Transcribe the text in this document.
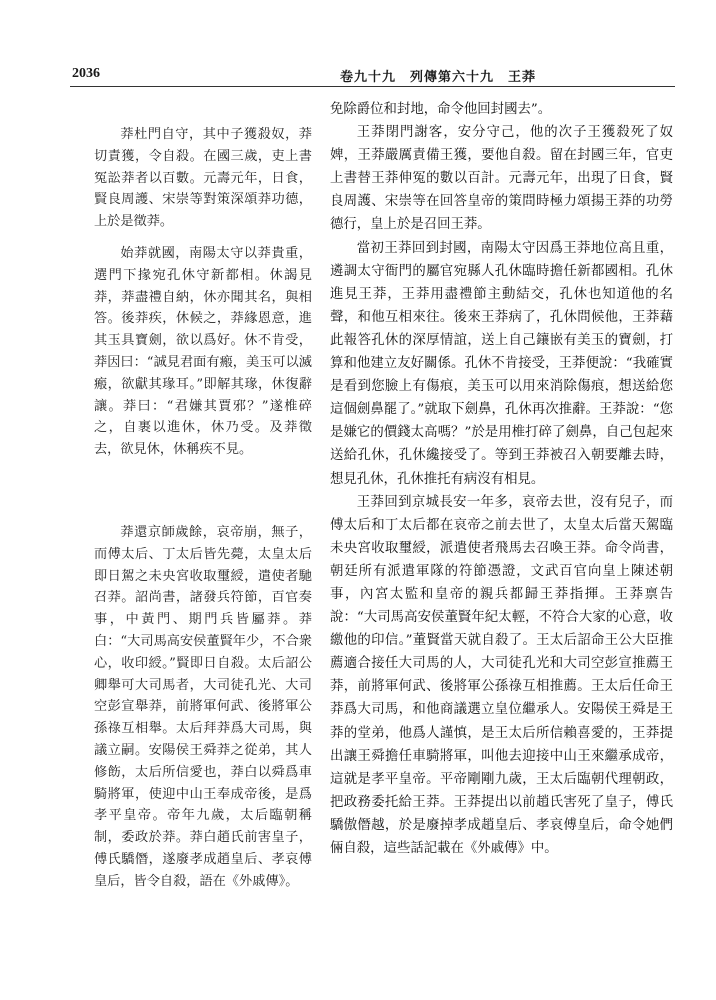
2036	卷九十九　列傳第六十九　王莽

莽杜門自守，其中子獲殺奴，莽切責獲，令自殺。在國三歲，吏上書冤訟莽者以百數。元壽元年，日食，賢良周護、宋崇等對策深頌莽功德，上於是徵莽。

始莽就國，南陽太守以莽貴重，選門下掾宛孔休守新都相。休謁見莽，莽盡禮自納，休亦聞其名，與相答。後莽疾，休候之，莽緣恩意，進其玉具寶劍，欲以爲好。休不肯受，莽因曰：“誠見君面有瘢，美玉可以滅瘢，欲獻其瑑耳。”即解其瑑，休復辭讓。莽曰：“君嫌其賈邪？”遂椎碎之，自裹以進休，休乃受。及莽徵去，欲見休，休稱疾不見。

莽還京師歲餘，哀帝崩，無子，而傅太后、丁太后皆先薨，太皇太后即日駕之未央宮收取璽綬，遣使者馳召莽。詔尚書，諸發兵符節，百官奏事，中黃門、期門兵皆屬莽。莽白：“大司馬高安侯董賢年少，不合衆心，收印綬。”賢即日自殺。太后詔公卿舉可大司馬者，大司徒孔光、大司空彭宣舉莽，前將軍何武、後將軍公孫祿互相舉。太后拜莽爲大司馬，與議立嗣。安陽侯王舜莽之從弟，其人修飭，太后所信愛也，莽白以舜爲車騎將軍，使迎中山王奉成帝後，是爲孝平皇帝。帝年九歲，太后臨朝稱制，委政於莽。莽白趙氏前害皇子，傅氏驕僭，遂廢孝成趙皇后、孝哀傅皇后，皆令自殺，語在《外戚傳》。

免除爵位和封地，命令他回封國去”。

王莽閉門謝客，安分守己，他的次子王獲殺死了奴婢，王莽嚴厲責備王獲，要他自殺。留在封國三年，官吏上書替王莽伸冤的數以百計。元壽元年，出現了日食，賢良周護、宋崇等在回答皇帝的策問時極力頌揚王莽的功勞德行，皇上於是召回王莽。

當初王莽回到封國，南陽太守因爲王莽地位高且重，遴調太守衙門的屬官宛縣人孔休臨時擔任新都國相。孔休進見王莽，王莽用盡禮節主動結交，孔休也知道他的名聲，和他互相來往。後來王莽病了，孔休問候他，王莽藉此報答孔休的深厚情誼，送上自己鑲嵌有美玉的寶劍，打算和他建立友好關係。孔休不肯接受，王莽便說：“我確實是看到您臉上有傷痕，美玉可以用來消除傷痕，想送給您這個劍鼻罷了。”就取下劍鼻，孔休再次推辭。王莽說：“您是嫌它的價錢太高嗎？”於是用椎打碎了劍鼻，自己包起來送給孔休，孔休纔接受了。等到王莽被召入朝要離去時，想見孔休，孔休推托有病沒有相見。

王莽回到京城長安一年多，哀帝去世，沒有兒子，而傅太后和丁太后都在哀帝之前去世了，太皇太后當天駕臨未央宮收取璽綬，派遣使者飛馬去召喚王莽。命令尚書，朝廷所有派遣軍隊的符節憑證，文武百官向皇上陳述朝事，內宮太監和皇帝的親兵都歸王莽指揮。王莽禀告說：“大司馬高安侯董賢年紀太輕，不符合大家的心意，收繳他的印信。”董賢當天就自殺了。王太后詔命王公大臣推薦適合接任大司馬的人，大司徒孔光和大司空彭宣推薦王莽，前將軍何武、後將軍公孫祿互相推薦。王太后任命王莽爲大司馬，和他商議選立皇位繼承人。安陽侯王舜是王莽的堂弟，他爲人謹慎，是王太后所信賴喜愛的，王莽提出讓王舜擔任車騎將軍，叫他去迎接中山王來繼承成帝，這就是孝平皇帝。平帝剛剛九歲，王太后臨朝代理朝政，把政務委托給王莽。王莽提出以前趙氏害死了皇子，傅氏驕傲僭越，於是廢掉孝成趙皇后、孝哀傅皇后，命令她們倆自殺，這些話記載在《外戚傳》中。
